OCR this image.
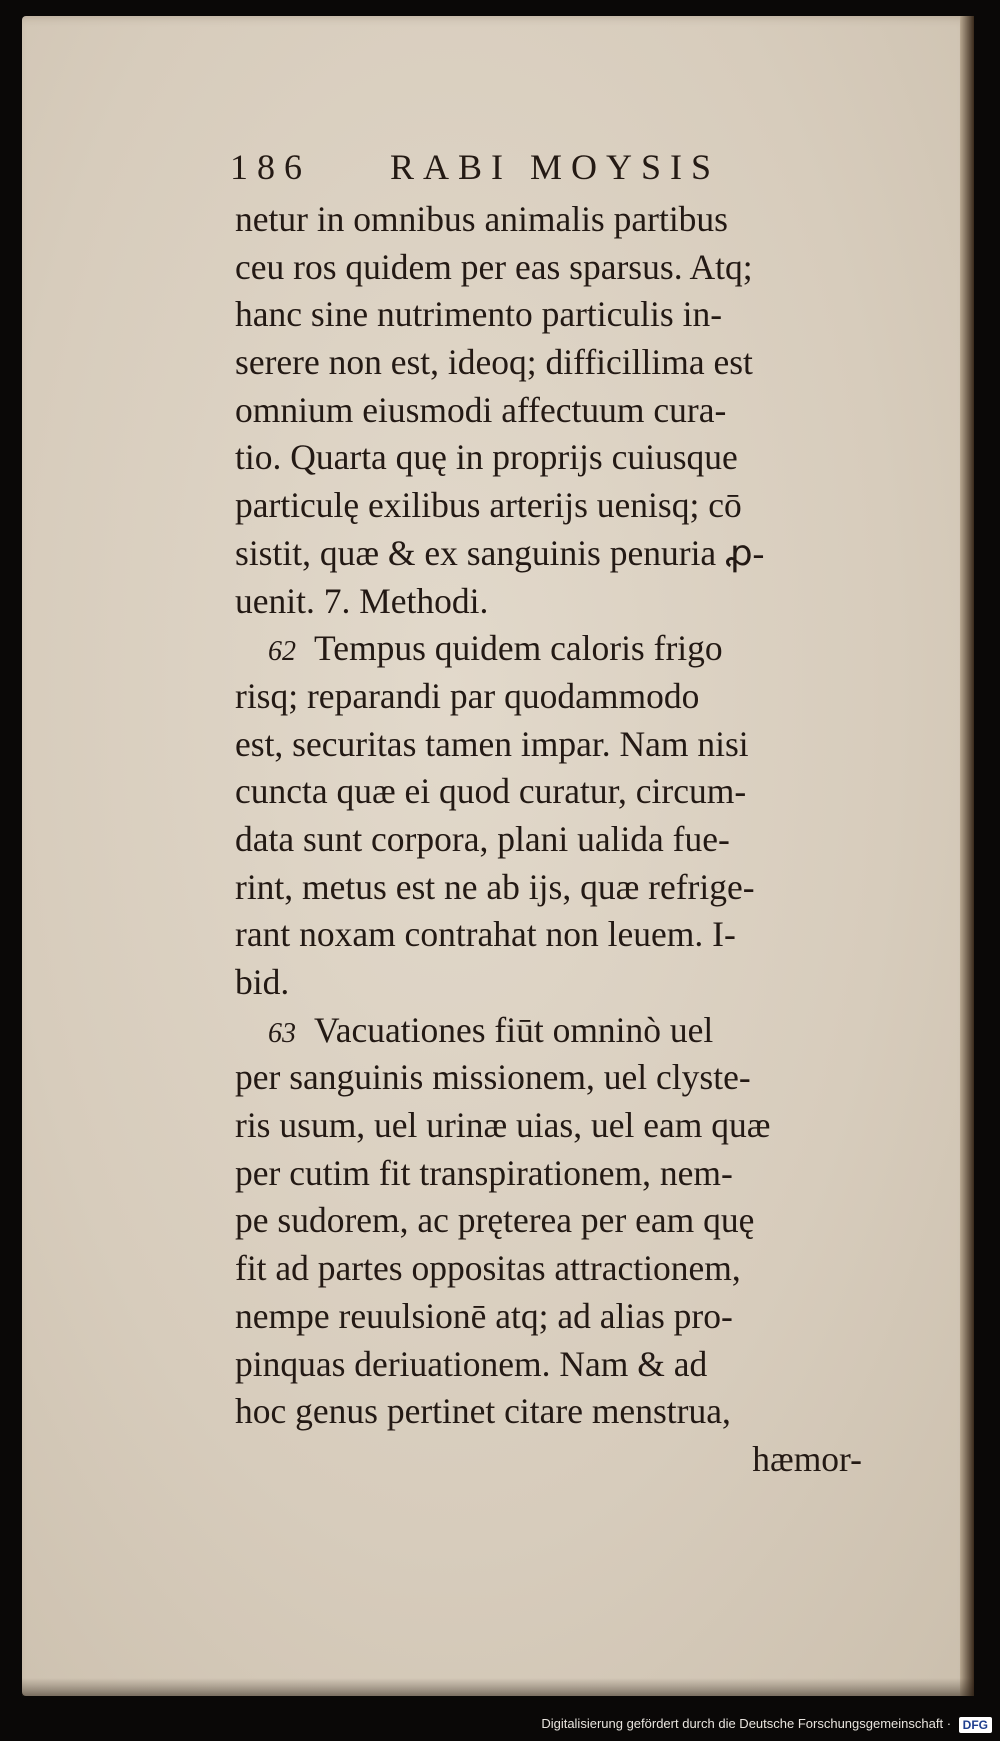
186 RABI MOYSIS
netur in omnibus animalis partibus
ceu ros quidem per eas sparsus. Atq;
hanc sine nutrimento particulis in-
serere non est, ideoq; difficillima est
omnium eiusmodi affectuum cura-
tio. Quarta quę in proprijs cuiusque
particulę exilibus arterijs uenisq; cō
sistit, quæ & ex sanguinis penuria ꝓ-
uenit. 7. Methodi.
62 Tempus quidem caloris frigo
risq; reparandi par quodammodo
est, securitas tamen impar. Nam nisi
cuncta quæ ei quod curatur, circum-
data sunt corpora, plani ualida fue-
rint, metus est ne ab ijs, quæ refrige-
rant noxam contrahat non leuem. I-
bid.
63 Vacuationes fiūt omninò uel
per sanguinis missionem, uel clyste-
ris usum, uel urinæ uias, uel eam quæ
per cutim fit transpirationem, nem-
pe sudorem, ac pręterea per eam quę
fit ad partes oppositas attractionem,
nempe reuulsionē atq; ad alias pro-
pinquas deriuationem. Nam & ad
hoc genus pertinet citare menstrua,
hæmor-
Digitalisierung gefördert durch die Deutsche Forschungsgemeinschaft · DFG
